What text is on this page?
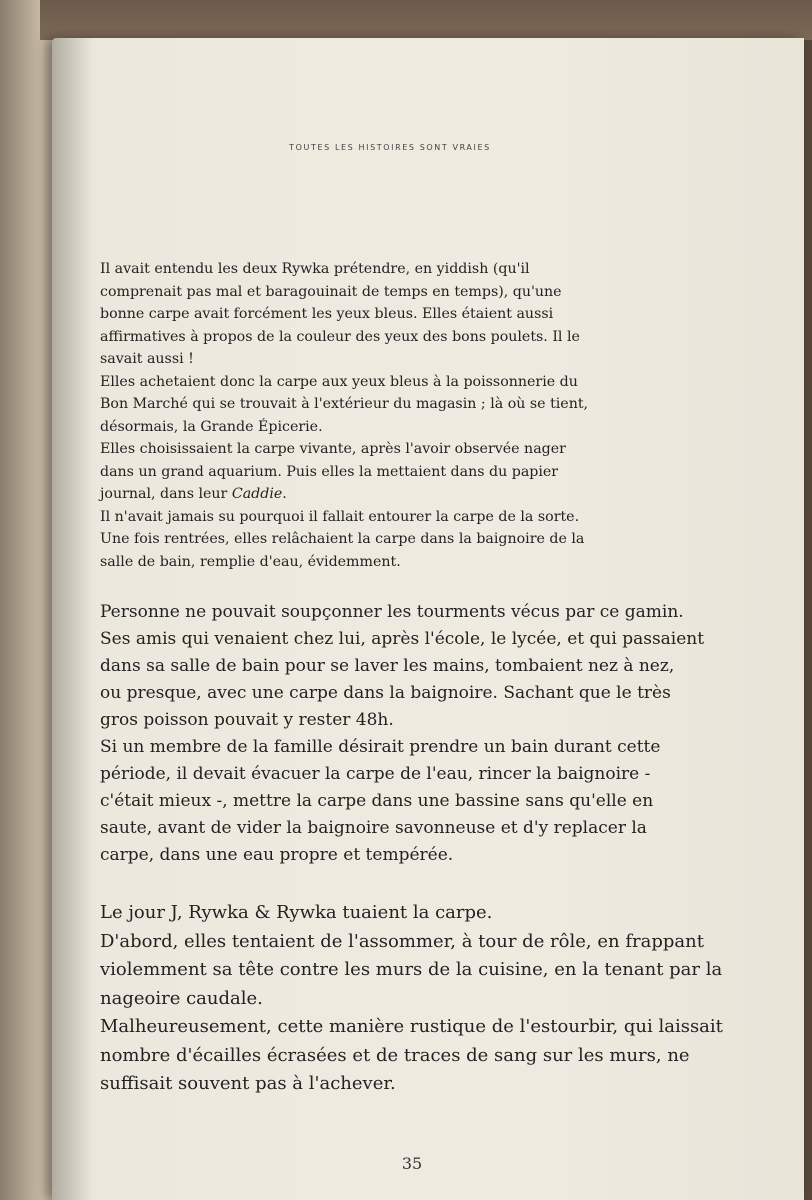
TOUTES LES HISTOIRES SONT VRAIES
Il avait entendu les deux Rywka prétendre, en yiddish (qu'il
comprenait pas mal et baragouinait de temps en temps), qu'une
bonne carpe avait forcément les yeux bleus. Elles étaient aussi
affirmatives à propos de la couleur des yeux des bons poulets. Il le
savait aussi !
Elles achetaient donc la carpe aux yeux bleus à la poissonnerie du
Bon Marché qui se trouvait à l'extérieur du magasin ; là où se tient,
désormais, la Grande Épicerie.
Elles choisissaient la carpe vivante, après l'avoir observée nager
dans un grand aquarium. Puis elles la mettaient dans du papier
journal, dans leur Caddie.
Il n'avait jamais su pourquoi il fallait entourer la carpe de la sorte.
Une fois rentrées, elles relâchaient la carpe dans la baignoire de la
salle de bain, remplie d'eau, évidemment.
Personne ne pouvait soupçonner les tourments vécus par ce gamin.
Ses amis qui venaient chez lui, après l'école, le lycée, et qui passaient
dans sa salle de bain pour se laver les mains, tombaient nez à nez,
ou presque, avec une carpe dans la baignoire. Sachant que le très
gros poisson pouvait y rester 48h.
Si un membre de la famille désirait prendre un bain durant cette
période, il devait évacuer la carpe de l'eau, rincer la baignoire -
c'était mieux -, mettre la carpe dans une bassine sans qu'elle en
saute, avant de vider la baignoire savonneuse et d'y replacer la
carpe, dans une eau propre et tempérée.
Le jour J, Rywka & Rywka tuaient la carpe.
D'abord, elles tentaient de l'assommer, à tour de rôle, en frappant
violemment sa tête contre les murs de la cuisine, en la tenant par la
nageoire caudale.
Malheureusement, cette manière rustique de l'estourbir, qui laissait
nombre d'écailles écrasées et de traces de sang sur les murs, ne
suffisait souvent pas à l'achever.
35
